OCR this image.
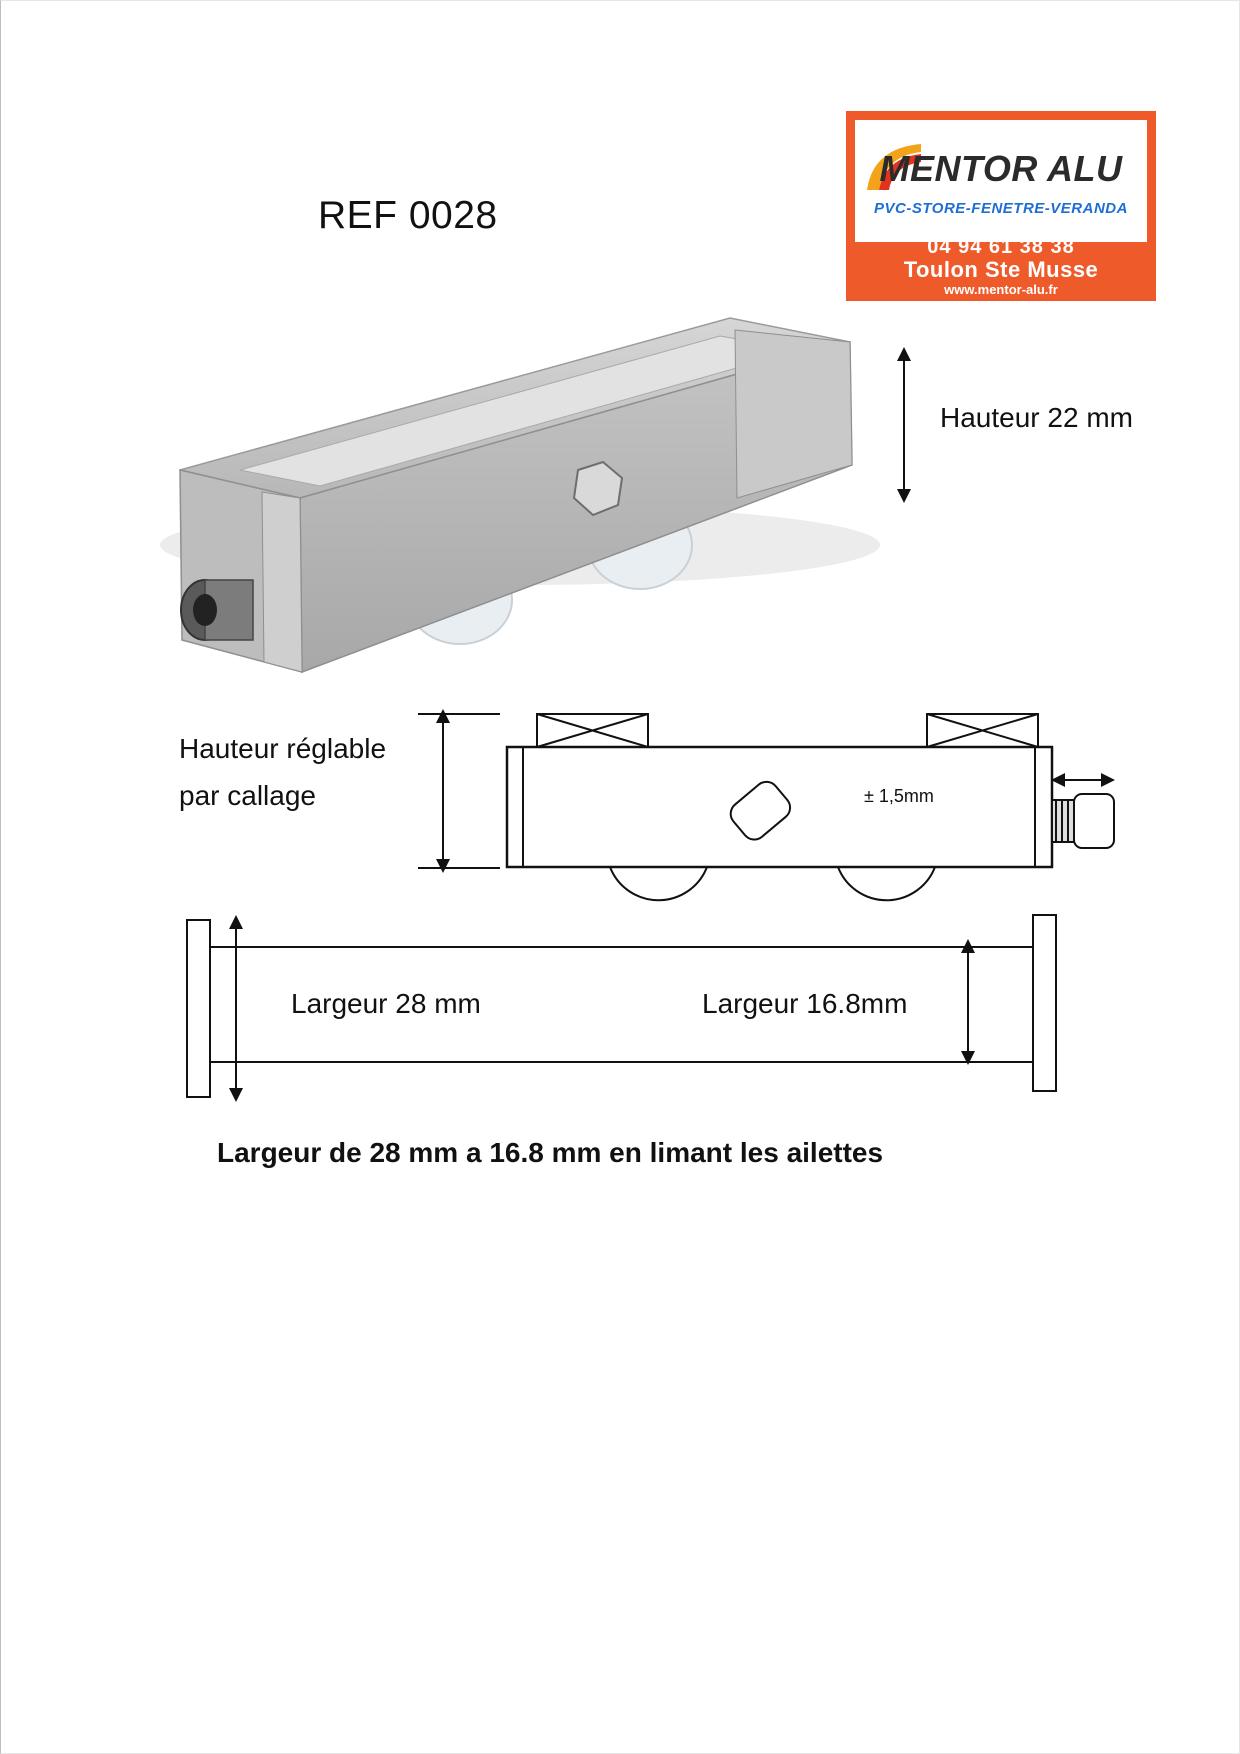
REF 0028
MENTOR ALU
PVC-STORE-FENETRE-VERANDA
04 94 61 38 38
Toulon Ste Musse
www.mentor-alu.fr
Hauteur 22 mm
Hauteur réglable
par callage	± 1,5mm
Largeur 28 mm	Largeur 16.8mm
Largeur de 28 mm a 16.8 mm en limant les ailettes
